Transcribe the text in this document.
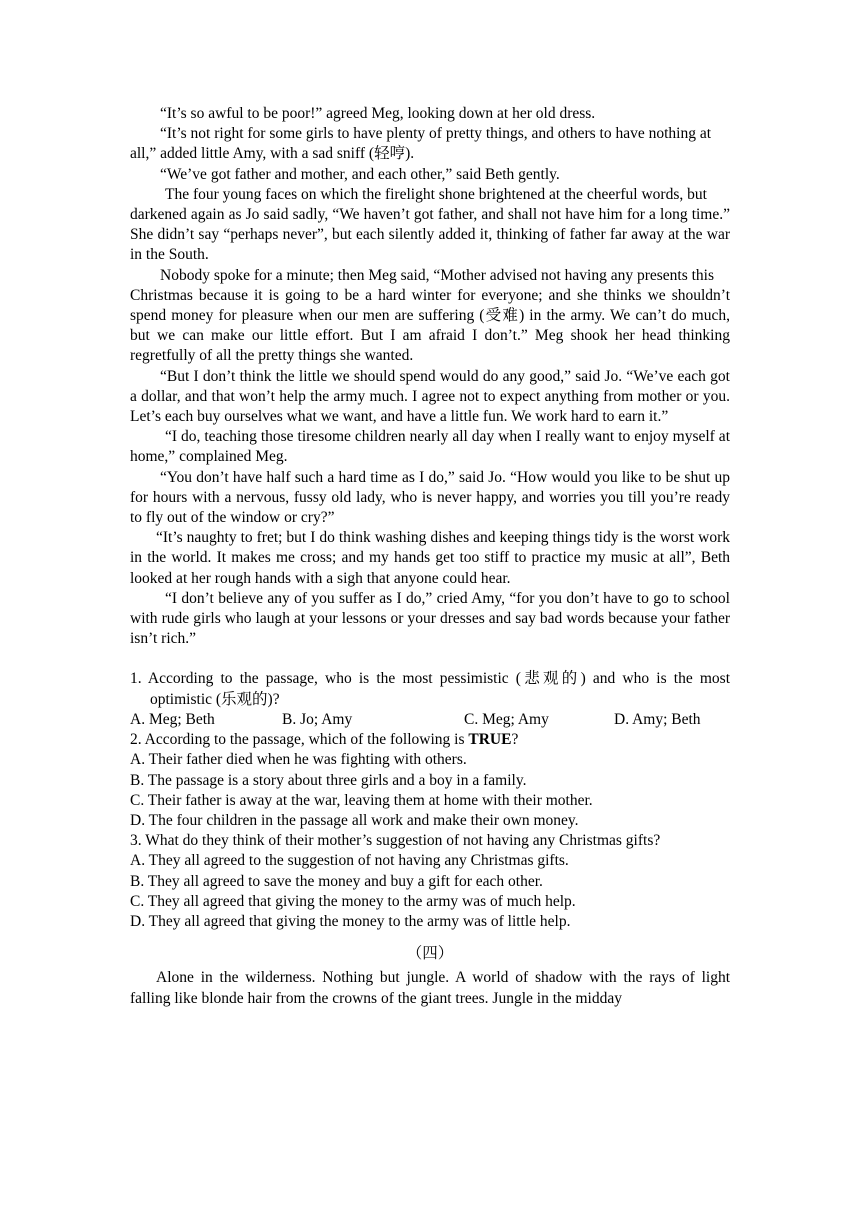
“It’s so awful to be poor!” agreed Meg, looking down at her old dress.

“It’s not right for some girls to have plenty of pretty things, and others to have nothing at

all,” added little Amy, with a sad sniff (轻哼).

“We’ve got father and mother, and each other,” said Beth gently.

The four young faces on which the firelight shone brightened at the cheerful words, but

darkened again as Jo said sadly, “We haven’t got father, and shall not have him for a long time.” She didn’t say “perhaps never”, but each silently added it, thinking of father far away at the war in the South.

Nobody spoke for a minute; then Meg said, “Mother advised not having any presents this

Christmas because it is going to be a hard winter for everyone; and she thinks we shouldn’t spend money for pleasure when our men are suffering (受难) in the army. We can’t do much, but we can make our little effort. But I am afraid I don’t.” Meg shook her head thinking regretfully of all the pretty things she wanted.

“But I don’t think the little we should spend would do any good,” said Jo. “We’ve each got a dollar, and that won’t help the army much. I agree not to expect anything from mother or you. Let’s each buy ourselves what we want, and have a little fun. We work hard to earn it.”

“I do, teaching those tiresome children nearly all day when I really want to enjoy myself at home,” complained Meg.

“You don’t have half such a hard time as I do,” said Jo. “How would you like to be shut up for hours with a nervous, fussy old lady, who is never happy, and worries you till you’re ready to fly out of the window or cry?”

“It’s naughty to fret; but I do think washing dishes and keeping things tidy is the worst work in the world. It makes me cross; and my hands get too stiff to practice my music at all”, Beth looked at her rough hands with a sigh that anyone could hear.

“I don’t believe any of you suffer as I do,” cried Amy, “for you don’t have to go to school with rude girls who laugh at your lessons or your dresses and say bad words because your father isn’t rich.”

1. According to the passage, who is the most pessimistic (悲观的) and who is the most optimistic (乐观的)?

A. Meg; Beth	B. Jo; Amy	C. Meg; Amy	D. Amy; Beth

2. According to the passage, which of the following is TRUE?

A. Their father died when he was fighting with others.

B. The passage is a story about three girls and a boy in a family.

C. Their father is away at the war, leaving them at home with their mother.

D. The four children in the passage all work and make their own money.

3. What do they think of their mother’s suggestion of not having any Christmas gifts?

A. They all agreed to the suggestion of not having any Christmas gifts.

B. They all agreed to save the money and buy a gift for each other.

C. They all agreed that giving the money to the army was of much help.

D. They all agreed that giving the money to the army was of little help.

（四）

Alone in the wilderness. Nothing but jungle. A world of shadow with the rays of light falling like blonde hair from the crowns of the giant trees. Jungle in the midday
